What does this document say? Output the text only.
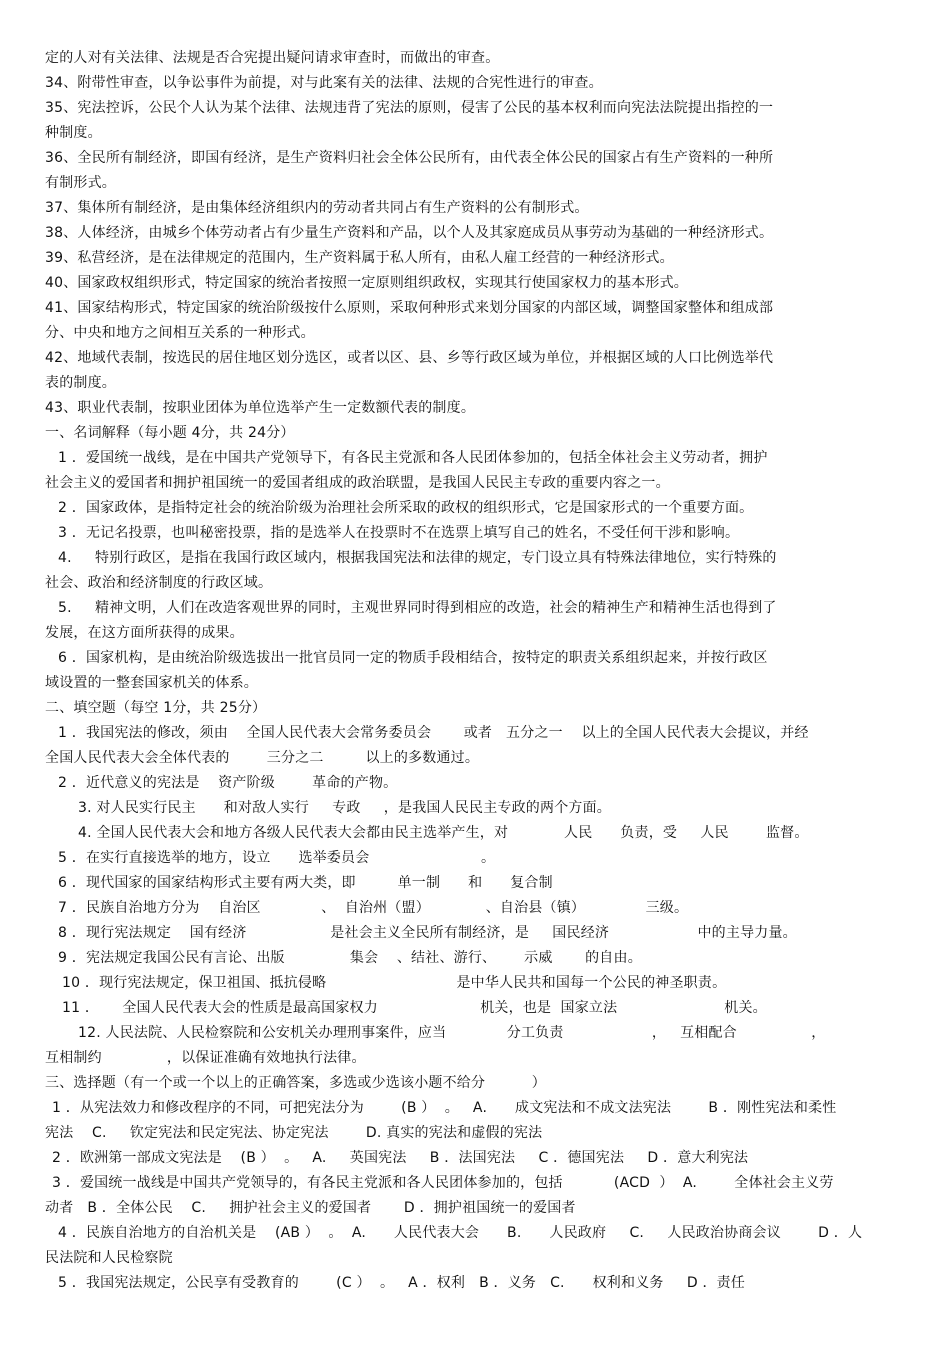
定的人对有关法律、法规是否合宪提出疑问请求审查时，而做出的审查。
34、附带性审查，以争讼事件为前提，对与此案有关的法律、法规的合宪性进行的审查。
35、宪法控诉，公民个人认为某个法律、法规违背了宪法的原则，侵害了公民的基本权利而向宪法法院提出指控的一
种制度。
36、全民所有制经济，即国有经济，是生产资料归社会全体公民所有，由代表全体公民的国家占有生产资料的一种所
有制形式。
37、集体所有制经济，是由集体经济组织内的劳动者共同占有生产资料的公有制形式。
38、人体经济，由城乡个体劳动者占有少量生产资料和产品，以个人及其家庭成员从事劳动为基础的一种经济形式。
39、私营经济，是在法律规定的范围内，生产资料属于私人所有，由私人雇工经营的一种经济形式。
40、国家政权组织形式，特定国家的统治者按照一定原则组织政权，实现其行使国家权力的基本形式。
41、国家结构形式，特定国家的统治阶级按什么原则，采取何种形式来划分国家的内部区域，调整国家整体和组成部
分、中央和地方之间相互关系的一种形式。
42、地域代表制，按选民的居住地区划分选区，或者以区、县、乡等行政区域为单位，并根据区域的人口比例选举代
表的制度。
43、职业代表制，按职业团体为单位选举产生一定数额代表的制度。
一、名词解释（每小题 4分，共 24分）
1 ．爱国统一战线，是在中国共产党领导下，有各民主党派和各人民团体参加的，包括全体社会主义劳动者，拥护
社会主义的爱国者和拥护祖国统一的爱国者组成的政治联盟，是我国人民民主专政的重要内容之一。
2 ．国家政体，是指特定社会的统治阶级为治理社会所采取的政权的组织形式，它是国家形式的一个重要方面。
3 ．无记名投票，也叫秘密投票，指的是选举人在投票时不在选票上填写自己的姓名，不受任何干涉和影响。
4.     特别行政区，是指在我国行政区域内，根据我国宪法和法律的规定，专门设立具有特殊法律地位，实行特殊的
社会、政治和经济制度的行政区域。
5.     精神文明，人们在改造客观世界的同时，主观世界同时得到相应的改造，社会的精神生产和精神生活也得到了
发展，在这方面所获得的成果。
6 ．国家机构，是由统治阶级选拔出一批官员同一定的物质手段相结合，按特定的职责关系组织起来，并按行政区
域设置的一整套国家机关的体系。
二、填空题（每空 1分，共 25分）
1 ．我国宪法的修改，须由    全国人民代表大会常务委员会       或者   五分之一    以上的全国人民代表大会提议，并经
全国人民代表大会全体代表的        三分之二         以上的多数通过。
2 ．近代意义的宪法是    资产阶级        革命的产物。
3. 对人民实行民主      和对敌人实行     专政     ，是我国人民民主专政的两个方面。
4. 全国人民代表大会和地方各级人民代表大会都由民主选举产生，对            人民      负责，受     人民        监督。
5 ．在实行直接选举的地方，设立      选举委员会                        。
6 ．现代国家的国家结构形式主要有两大类，即         单一制      和      复合制
7 ．民族自治地方分为    自治区             、  自治州（盟）            、自治县（镇）             三级。
8 ．现行宪法规定    国有经济                  是社会主义全民所有制经济，是     国民经济                   中的主导力量。
9 ．宪法规定我国公民有言论、出版              集会    、结社、游行、      示威       的自由。
10 ．现行宪法规定，保卫祖国、抵抗侵略                            是中华人民共和国每一个公民的神圣职责。
11 ．     全国人民代表大会的性质是最高国家权力                      机关，也是  国家立法                       机关。
12. 人民法院、人民检察院和公安机关办理刑事案件，应当             分工负责                   ，   互相配合                ，
互相制约              ，以保证准确有效地执行法律。
三、选择题（有一个或一个以上的正确答案，多选或少选该小题不给分          ）
1 ．从宪法效力和修改程序的不同，可把宪法分为        (B ）  。   A.      成文宪法和不成文法宪法        B ．刚性宪法和柔性
宪法    C.     钦定宪法和民定宪法、协定宪法        D. 真实的宪法和虚假的宪法
2 ．欧洲第一部成文宪法是    (B ）  。   A.     英国宪法     B ．法国宪法     C ．德国宪法     D ．意大利宪法
3 ．爱国统一战线是中国共产党领导的，有各民主党派和各人民团体参加的，包括           (ACD  ）  A.        全体社会主义劳
动者   B ．全体公民    C.     拥护社会主义的爱国者       D ．拥护祖国统一的爱国者
4 ．民族自治地方的自治机关是    (AB ）  。  A.      人民代表大会      B.      人民政府     C.     人民政治协商会议        D ．人
民法院和人民检察院
5 ．我国宪法规定，公民享有受教育的        (C ）  。   A ．权利   B ．义务   C.      权利和义务     D ．责任
